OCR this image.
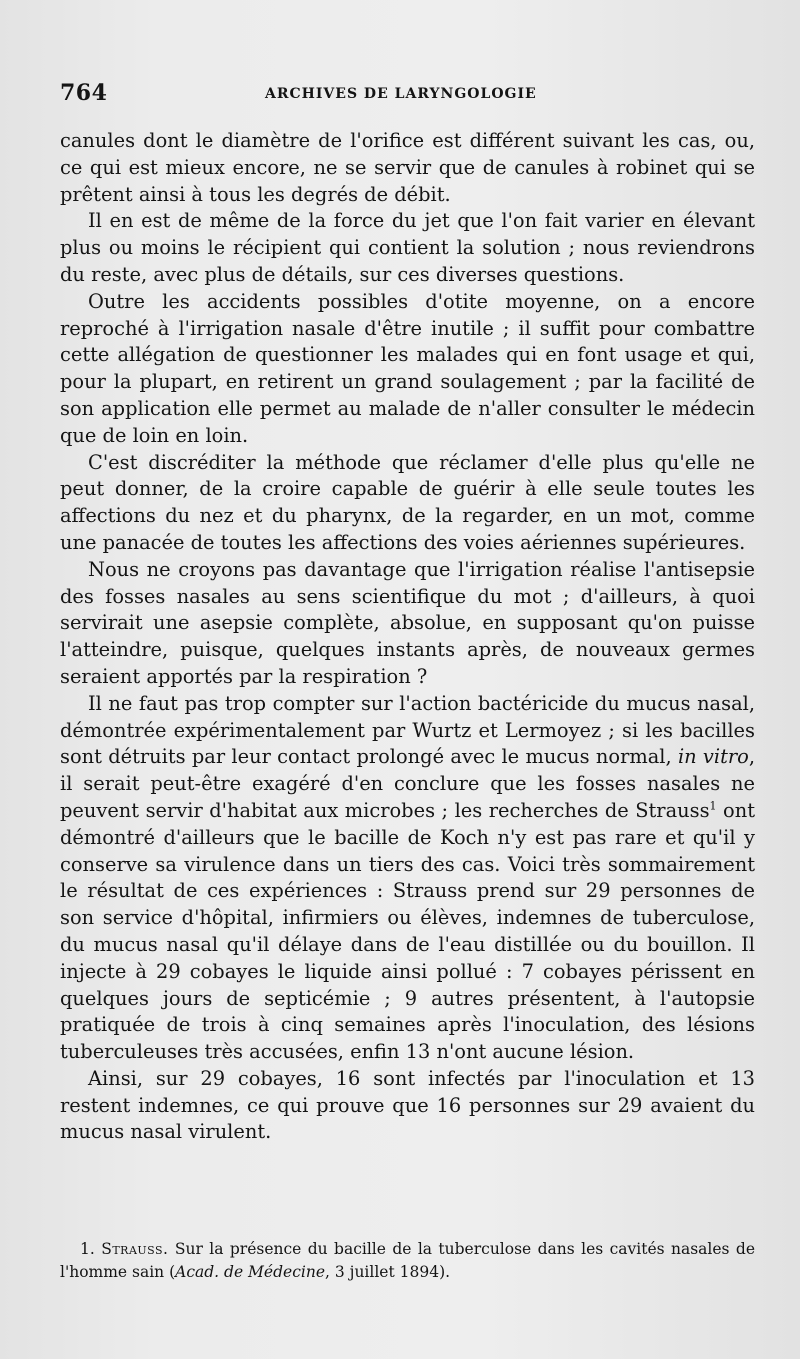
764	ARCHIVES DE LARYNGOLOGIE

canules dont le diamètre de l'orifice est différent suivant les cas, ou, ce qui est mieux encore, ne se servir que de canules à robinet qui se prêtent ainsi à tous les degrés de débit.

Il en est de même de la force du jet que l'on fait varier en élevant plus ou moins le récipient qui contient la solution ; nous reviendrons du reste, avec plus de détails, sur ces diverses questions.

Outre les accidents possibles d'otite moyenne, on a encore reproché à l'irrigation nasale d'être inutile ; il suffit pour combattre cette allégation de questionner les malades qui en font usage et qui, pour la plupart, en retirent un grand soulagement ; par la facilité de son application elle permet au malade de n'aller consulter le médecin que de loin en loin.

C'est discréditer la méthode que réclamer d'elle plus qu'elle ne peut donner, de la croire capable de guérir à elle seule toutes les affections du nez et du pharynx, de la regarder, en un mot, comme une panacée de toutes les affections des voies aériennes supérieures.

Nous ne croyons pas davantage que l'irrigation réalise l'antisepsie des fosses nasales au sens scientifique du mot ; d'ailleurs, à quoi servirait une asepsie complète, absolue, en supposant qu'on puisse l'atteindre, puisque, quelques instants après, de nouveaux germes seraient apportés par la respiration ?

Il ne faut pas trop compter sur l'action bactéricide du mucus nasal, démontrée expérimentalement par Wurtz et Lermoyez ; si les bacilles sont détruits par leur contact prolongé avec le mucus normal, in vitro, il serait peut-être exagéré d'en conclure que les fosses nasales ne peuvent servir d'habitat aux microbes ; les recherches de Strauss$^1$ ont démontré d'ailleurs que le bacille de Koch n'y est pas rare et qu'il y conserve sa virulence dans un tiers des cas. Voici très sommairement le résultat de ces expériences : Strauss prend sur 29 personnes de son service d'hôpital, infirmiers ou élèves, indemnes de tuberculose, du mucus nasal qu'il délaye dans de l'eau distillée ou du bouillon. Il injecte à 29 cobayes le liquide ainsi pollué : 7 cobayes périssent en quelques jours de septicémie ; 9 autres présentent, à l'autopsie pratiquée de trois à cinq semaines après l'inoculation, des lésions tuberculeuses très accusées, enfin 13 n'ont aucune lésion.

Ainsi, sur 29 cobayes, 16 sont infectés par l'inoculation et 13 restent indemnes, ce qui prouve que 16 personnes sur 29 avaient du mucus nasal virulent.

1. Strauss. Sur la présence du bacille de la tuberculose dans les cavités nasales de l'homme sain (Acad. de Médecine, 3 juillet 1894).
